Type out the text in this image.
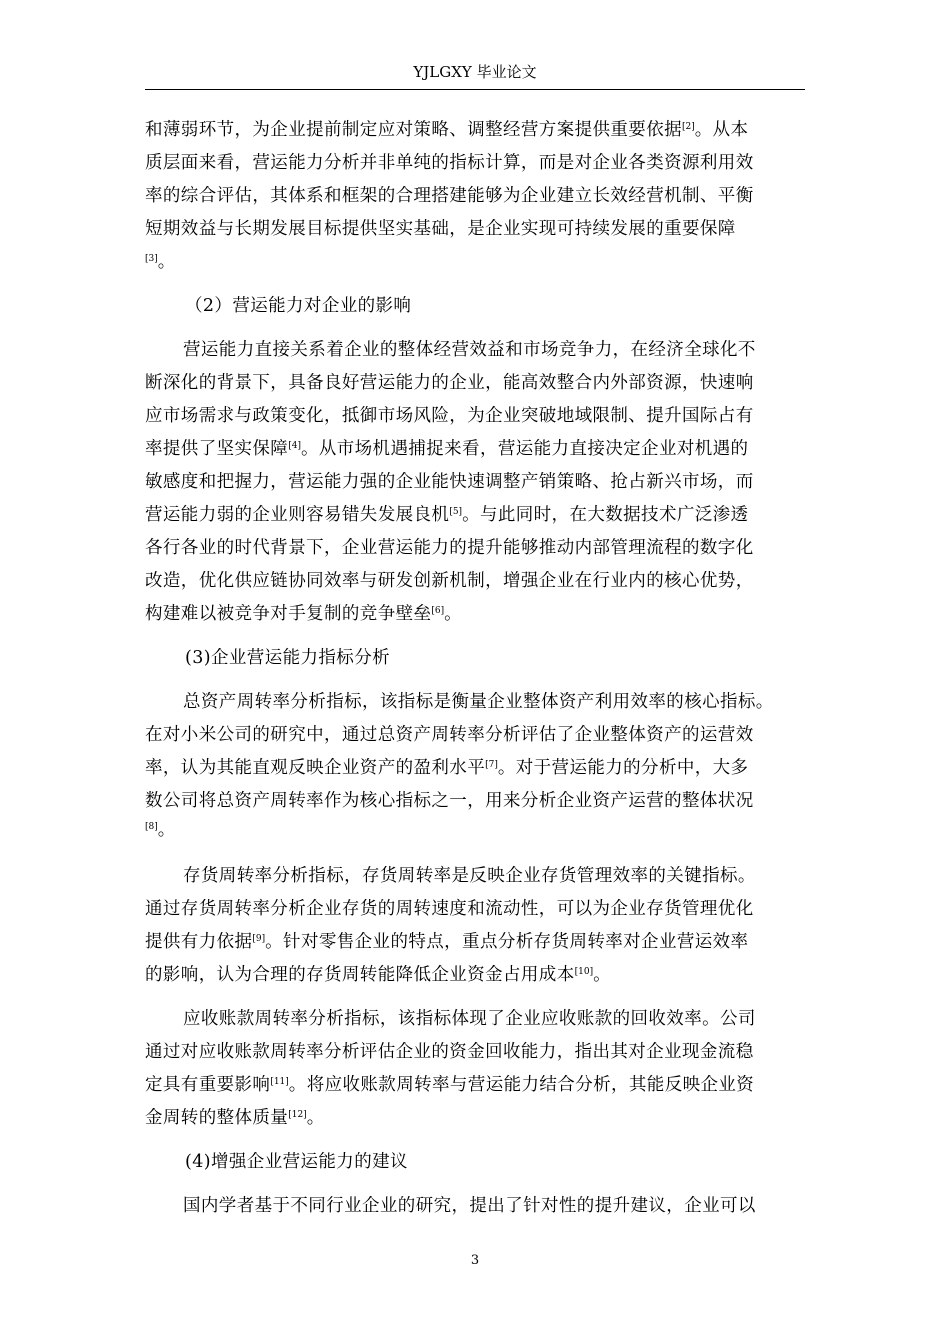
YJLGXY 毕业论文
和薄弱环节，为企业提前制定应对策略、调整经营方案提供重要依据[2]。从本
质层面来看，营运能力分析并非单纯的指标计算，而是对企业各类资源利用效
率的综合评估，其体系和框架的合理搭建能够为企业建立长效经营机制、平衡
短期效益与长期发展目标提供坚实基础，是企业实现可持续发展的重要保障
[3]。
（2）营运能力对企业的影响
营运能力直接关系着企业的整体经营效益和市场竞争力，在经济全球化不
断深化的背景下，具备良好营运能力的企业，能高效整合内外部资源，快速响
应市场需求与政策变化，抵御市场风险，为企业突破地域限制、提升国际占有
率提供了坚实保障[4]。从市场机遇捕捉来看，营运能力直接决定企业对机遇的
敏感度和把握力，营运能力强的企业能快速调整产销策略、抢占新兴市场，而
营运能力弱的企业则容易错失发展良机[5]。与此同时，在大数据技术广泛渗透
各行各业的时代背景下，企业营运能力的提升能够推动内部管理流程的数字化
改造，优化供应链协同效率与研发创新机制，增强企业在行业内的核心优势，
构建难以被竞争对手复制的竞争壁垒[6]。
(3)企业营运能力指标分析
总资产周转率分析指标，该指标是衡量企业整体资产利用效率的核心指标。
在对小米公司的研究中，通过总资产周转率分析评估了企业整体资产的运营效
率，认为其能直观反映企业资产的盈利水平[7]。对于营运能力的分析中，大多
数公司将总资产周转率作为核心指标之一，用来分析企业资产运营的整体状况
[8]。
存货周转率分析指标，存货周转率是反映企业存货管理效率的关键指标。
通过存货周转率分析企业存货的周转速度和流动性，可以为企业存货管理优化
提供有力依据[9]。针对零售企业的特点，重点分析存货周转率对企业营运效率
的影响，认为合理的存货周转能降低企业资金占用成本[10]。
应收账款周转率分析指标，该指标体现了企业应收账款的回收效率。公司
通过对应收账款周转率分析评估企业的资金回收能力，指出其对企业现金流稳
定具有重要影响[11]。将应收账款周转率与营运能力结合分析，其能反映企业资
金周转的整体质量[12]。
(4)增强企业营运能力的建议
国内学者基于不同行业企业的研究，提出了针对性的提升建议，企业可以
3
